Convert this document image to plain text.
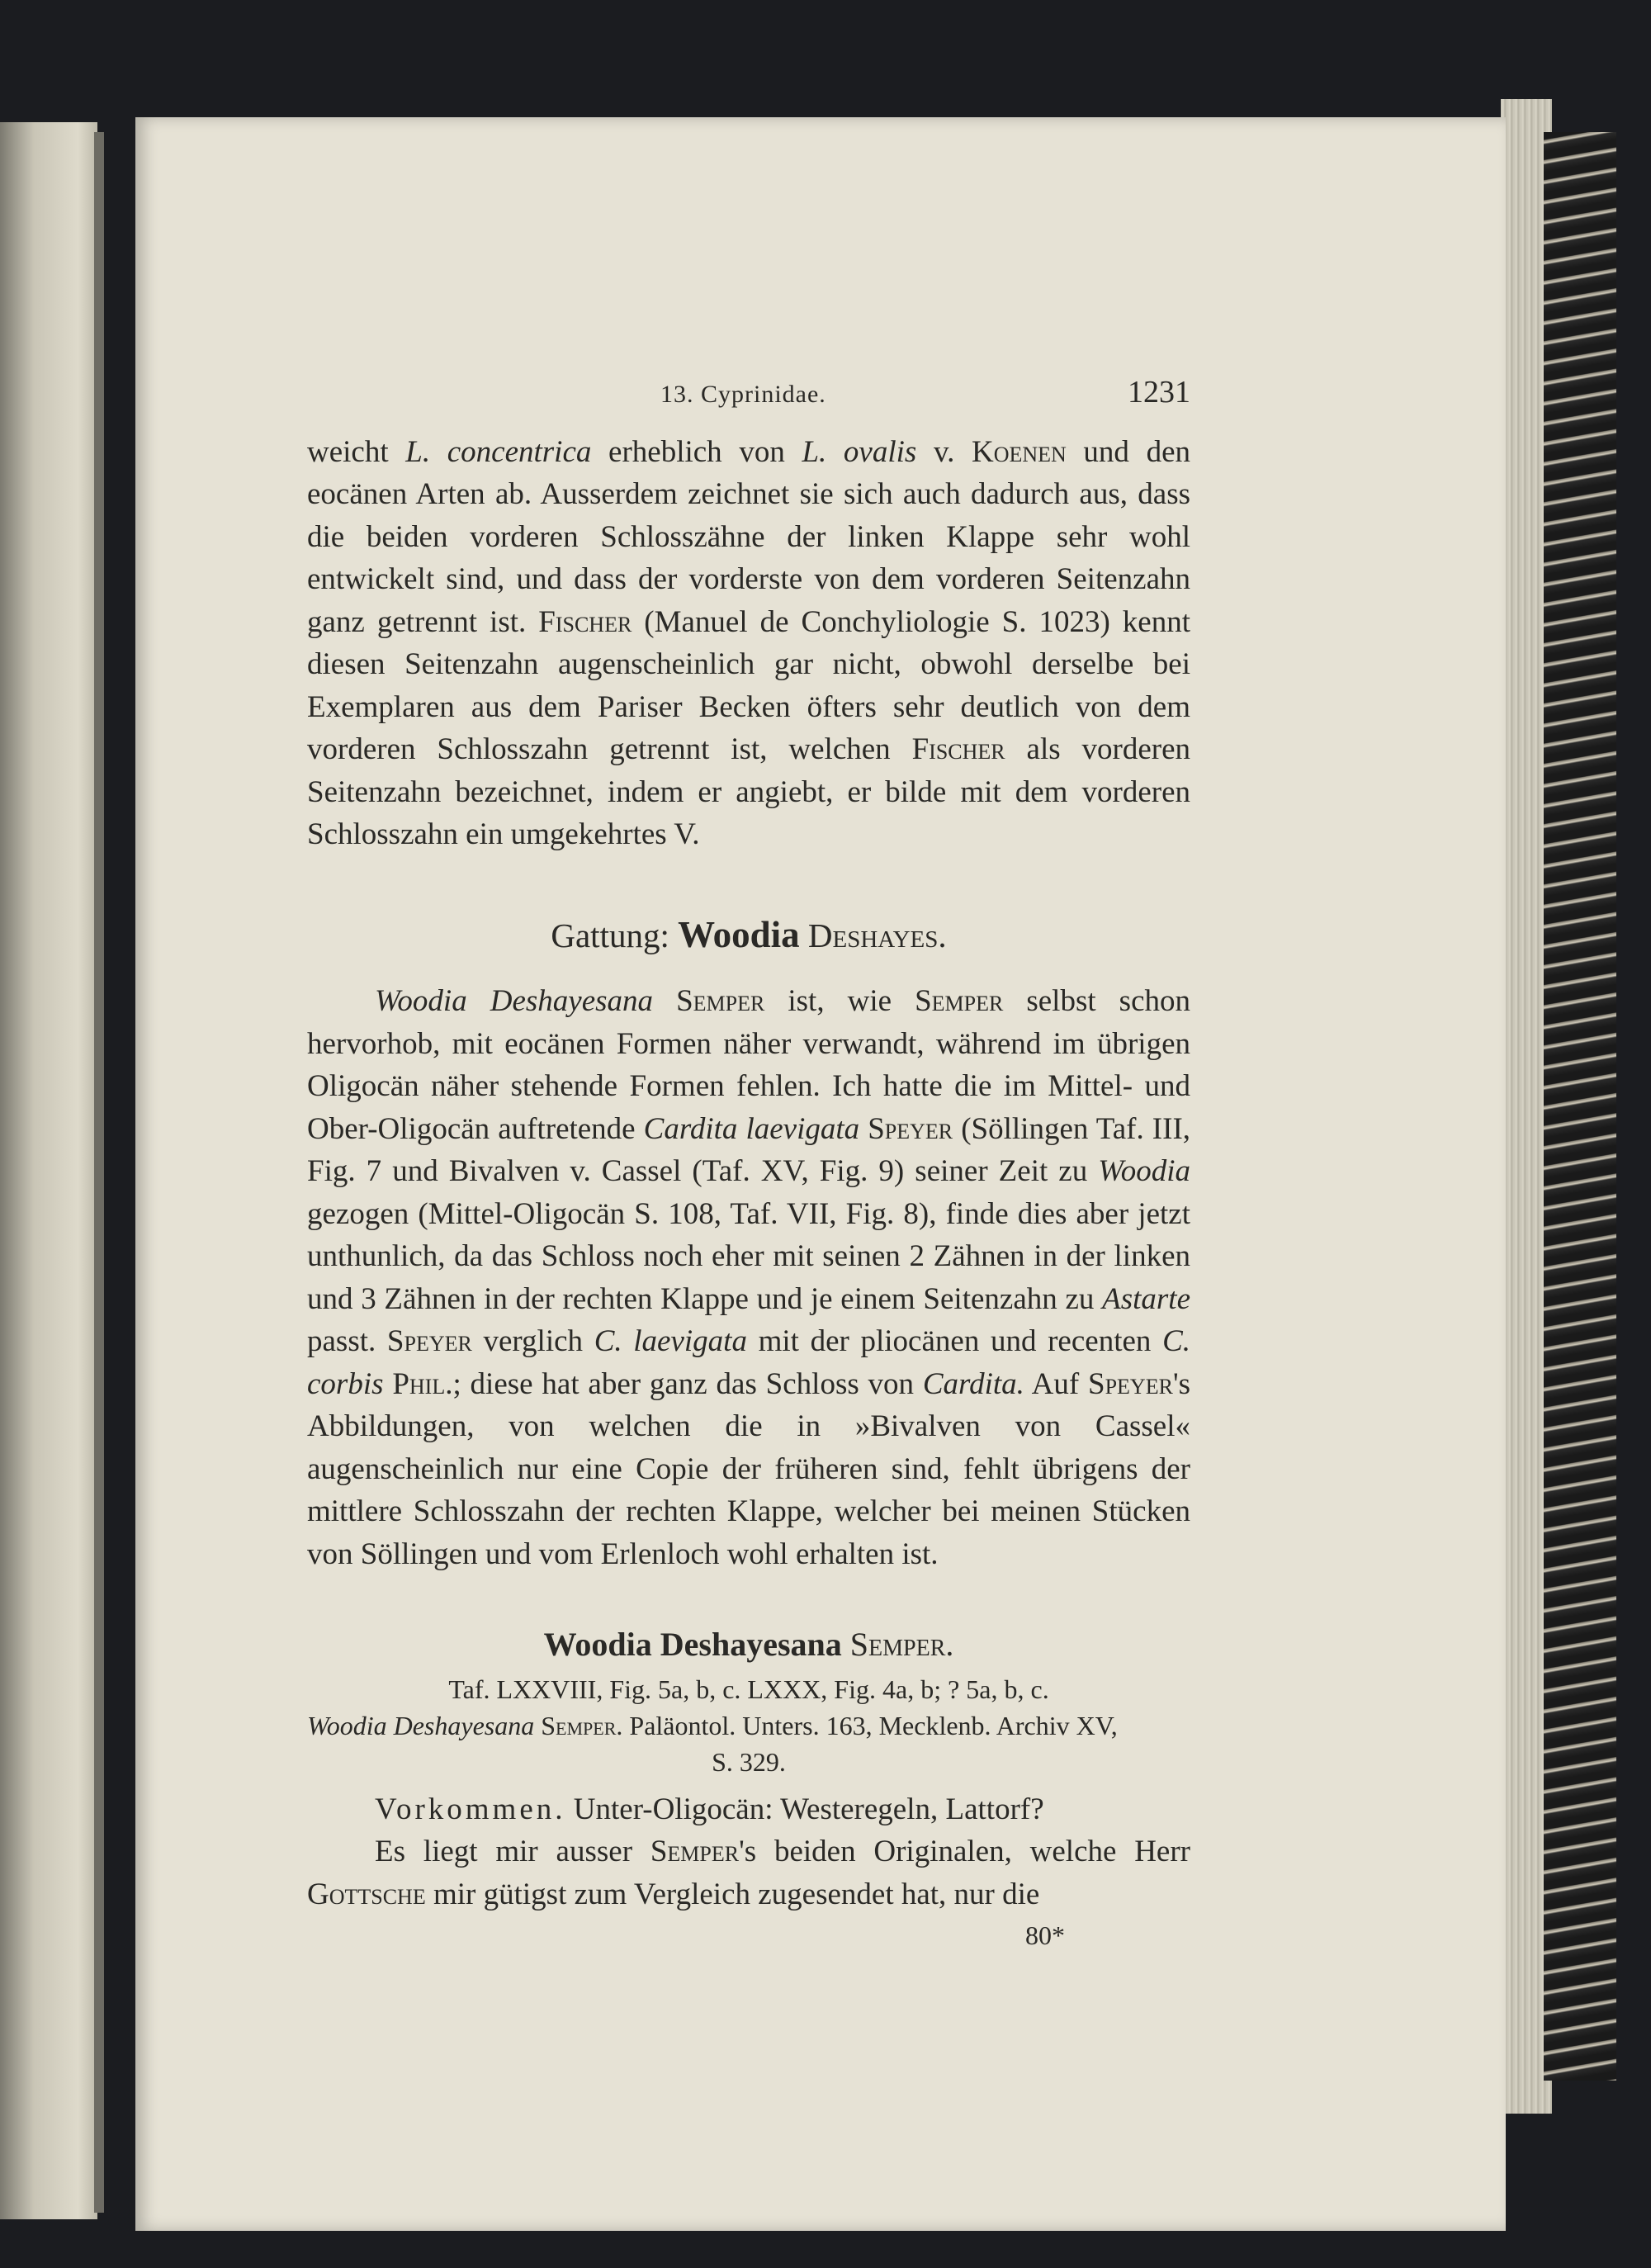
13. Cyprinidae.	1231

weicht L. concentrica erheblich von L. ovalis v. Koenen und den eocänen Arten ab. Ausserdem zeichnet sie sich auch dadurch aus, dass die beiden vorderen Schlosszähne der linken Klappe sehr wohl entwickelt sind, und dass der vorderste von dem vorderen Seitenzahn ganz getrennt ist. Fischer (Manuel de Conchyliologie S. 1023) kennt diesen Seitenzahn augenscheinlich gar nicht, obwohl derselbe bei Exemplaren aus dem Pariser Becken öfters sehr deutlich von dem vorderen Schlosszahn getrennt ist, welchen Fischer als vorderen Seitenzahn bezeichnet, indem er angiebt, er bilde mit dem vorderen Schlosszahn ein umgekehrtes V.

Gattung: Woodia Deshayes.

Woodia Deshayesana Semper ist, wie Semper selbst schon hervorhob, mit eocänen Formen näher verwandt, während im übrigen Oligocän näher stehende Formen fehlen. Ich hatte die im Mittel- und Ober-Oligocän auftretende Cardita laevigata Speyer (Söllingen Taf. III, Fig. 7 und Bivalven v. Cassel (Taf. XV, Fig. 9) seiner Zeit zu Woodia gezogen (Mittel-Oligocän S. 108, Taf. VII, Fig. 8), finde dies aber jetzt unthunlich, da das Schloss noch eher mit seinen 2 Zähnen in der linken und 3 Zähnen in der rechten Klappe und je einem Seitenzahn zu Astarte passt. Speyer verglich C. laevigata mit der pliocänen und recenten C. corbis Phil.; diese hat aber ganz das Schloss von Cardita. Auf Speyer's Abbildungen, von welchen die in »Bivalven von Cassel« augenscheinlich nur eine Copie der früheren sind, fehlt übrigens der mittlere Schlosszahn der rechten Klappe, welcher bei meinen Stücken von Söllingen und vom Erlenloch wohl erhalten ist.

Woodia Deshayesana Semper.
Taf. LXXVIII, Fig. 5a, b, c. LXXX, Fig. 4a, b; ? 5a, b, c.
Woodia Deshayesana Semper. Paläontol. Unters. 163, Mecklenb. Archiv XV,
S. 329.

Vorkommen. Unter-Oligocän: Westeregeln, Lattorf?

Es liegt mir ausser Semper's beiden Originalen, welche Herr Gottsche mir gütigst zum Vergleich zugesendet hat, nur die

80*
